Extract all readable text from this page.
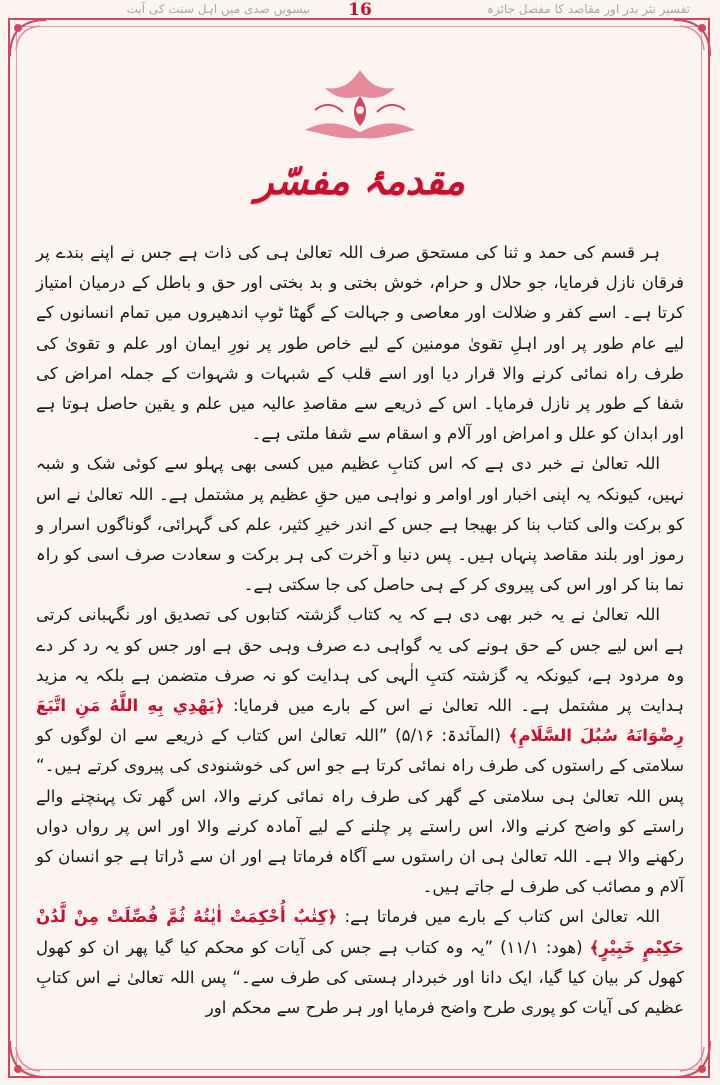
تفسیر نثر بدر اور مقاصد کا مفصل جائزہ
بیسویں صدی میں اہلِ سنت کی آیت	16
مقدمۂ مفسّر

ہر قسم کی حمد و ثنا کی مستحق صرف اللہ تعالیٰ ہی کی ذات ہے جس نے اپنے بندے پر فرقان نازل فرمایا، جو حلال و حرام، خوش بختی و بد بختی اور حق و باطل کے درمیان امتیاز کرتا ہے۔ اسے کفر و ضلالت اور معاصی و جہالت کے گھٹا ٹوپ اندھیروں میں تمام انسانوں کے لیے عام طور پر اور اہلِ تقویٰ مومنین کے لیے خاص طور پر نورِ ایمان اور علم و تقویٰ کی طرف راہ نمائی کرنے والا قرار دیا اور اسے قلب کے شبہات و شہوات کے جملہ امراض کی شفا کے طور پر نازل فرمایا۔ اس کے ذریعے سے مقاصدِ عالیہ میں علم و یقین حاصل ہوتا ہے اور ابدان کو علل و امراض اور آلام و اسقام سے شفا ملتی ہے۔

اللہ تعالیٰ نے خبر دی ہے کہ اس کتابِ عظیم میں کسی بھی پہلو سے کوئی شک و شبہ نہیں، کیونکہ یہ اپنی اخبار اور اوامر و نواہی میں حقِ عظیم پر مشتمل ہے۔ اللہ تعالیٰ نے اس کو برکت والی کتاب بنا کر بھیجا ہے جس کے اندر خیرِ کثیر، علم کی گہرائی، گوناگوں اسرار و رموز اور بلند مقاصد پنہاں ہیں۔ پس دنیا و آخرت کی ہر برکت و سعادت صرف اسی کو راہ نما بنا کر اور اس کی پیروی کر کے ہی حاصل کی جا سکتی ہے۔

اللہ تعالیٰ نے یہ خبر بھی دی ہے کہ یہ کتاب گزشتہ کتابوں کی تصدیق اور نگہبانی کرتی ہے اس لیے جس کے حق ہونے کی یہ گواہی دے صرف وہی حق ہے اور جس کو یہ رد کر دے وہ مردود ہے، کیونکہ یہ گزشتہ کتبِ الٰہی کی ہدایت کو نہ صرف متضمن ہے بلکہ یہ مزید ہدایت پر مشتمل ہے۔ اللہ تعالیٰ نے اس کے بارے میں فرمایا: ﴿يَهْدِي بِهِ اللَّهُ مَنِ اتَّبَعَ رِضْوَانَهُ سُبُلَ السَّلَامِ﴾ (المآئدۃ: ۵/۱۶) ”اللہ تعالیٰ اس کتاب کے ذریعے سے ان لوگوں کو سلامتی کے راستوں کی طرف راہ نمائی کرتا ہے جو اس کی خوشنودی کی پیروی کرتے ہیں۔“ پس اللہ تعالیٰ ہی سلامتی کے گھر کی طرف راہ نمائی کرنے والا، اس گھر تک پہنچنے والے راستے کو واضح کرنے والا، اس راستے پر چلنے کے لیے آمادہ کرنے والا اور اس پر رواں دواں رکھنے والا ہے۔ اللہ تعالیٰ ہی ان راستوں سے آگاہ فرماتا ہے اور ان سے ڈراتا ہے جو انسان کو آلام و مصائب کی طرف لے جاتے ہیں۔

اللہ تعالیٰ اس کتاب کے بارے میں فرماتا ہے: ﴿كِتٰبٌ أُحْكِمَتْ اٰيٰتُهُ ثُمَّ فُصِّلَتْ مِنْ لَّدُنْ حَكِيْمٍ خَبِيْرٍ﴾ (ھود: ۱۱/۱) ”یہ وہ کتاب ہے جس کی آیات کو محکم کیا گیا پھر ان کو کھول کھول کر بیان کیا گیا، ایک دانا اور خبردار ہستی کی طرف سے۔“ پس اللہ تعالیٰ نے اس کتابِ عظیم کی آیات کو پوری طرح واضح فرمایا اور ہر طرح سے محکم اور
